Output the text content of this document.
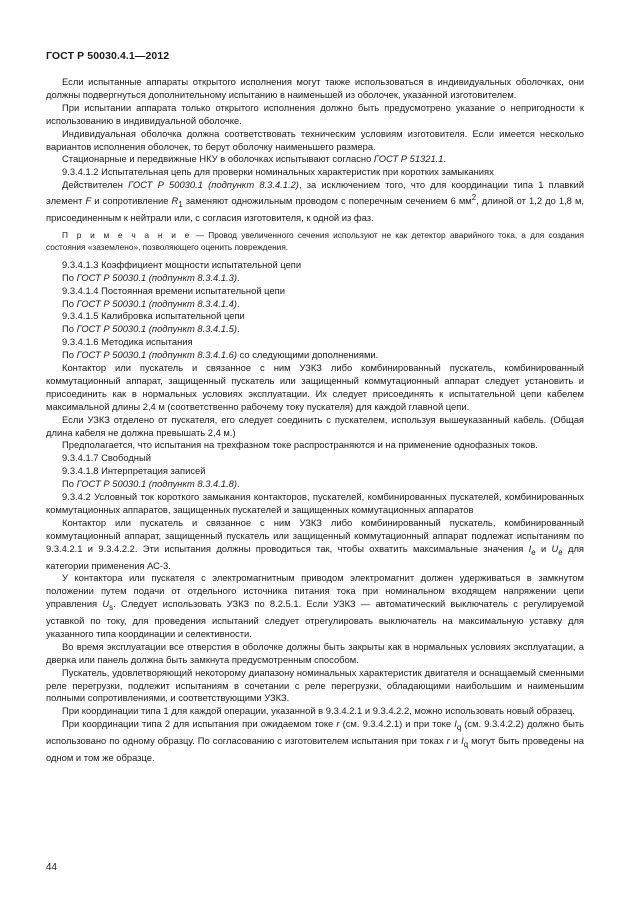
ГОСТ Р 50030.4.1—2012

Если испытанные аппараты открытого исполнения могут также использоваться в индивидуальных оболочках, они должны подвергнуться дополнительному испытанию в наименьшей из оболочек, указанной изготовителем.

При испытании аппарата только открытого исполнения должно быть предусмотрено указание о непригодности к использованию в индивидуальной оболочке.

Индивидуальная оболочка должна соответствовать техническим условиям изготовителя. Если имеется несколько вариантов исполнения оболочек, то берут оболочку наименьшего размера.

Стационарные и передвижные НКУ в оболочках испытывают согласно ГОСТ Р 51321.1.

9.3.4.1.2 Испытательная цепь для проверки номинальных характеристик при коротких замыканиях

Действителен ГОСТ Р 50030.1 (подпункт 8.3.4.1.2), за исключением того, что для координации типа 1 плавкий элемент F и сопротивление $R_1$ заменяют одножильным проводом с поперечным сечением 6 $мм^2$, длиной от 1,2 до 1,8 м, присоединенным к нейтрали или, с согласия изготовителя, к одной из фаз.

П р и м е ч а н и е — Провод увеличенного сечения используют не как детектор аварийного тока, а для создания состояния «заземлено», позволяющего оценить повреждения.

9.3.4.1.3 Коэффициент мощности испытательной цепи

По ГОСТ Р 50030.1 (подпункт 8.3.4.1.3).

9.3.4.1.4 Постоянная времени испытательной цепи

По ГОСТ Р 50030.1 (подпункт 8.3.4.1.4).

9.3.4.1.5 Калибровка испытательной цепи

По ГОСТ Р 50030.1 (подпункт 8.3.4.1.5).

9.3.4.1.6 Методика испытания

По ГОСТ Р 50030.1 (подпункт 8.3.4.1.6) со следующими дополнениями.

Контактор или пускатель и связанное с ним УЗКЗ либо комбинированный пускатель, комбинированный коммутационный аппарат, защищенный пускатель или защищенный коммутационный аппарат следует установить и присоединить как в нормальных условиях эксплуатации. Их следует присоединять к испытательной цепи кабелем максимальной длины 2,4 м (соответственно рабочему току пускателя) для каждой главной цепи.

Если УЗКЗ отделено от пускателя, его следует соединить с пускателем, используя вышеуказанный кабель. (Общая длина кабеля не должна превышать 2,4 м.)

Предполагается, что испытания на трехфазном токе распространяются и на применение однофазных токов.

9.3.4.1.7 Свободный

9.3.4.1.8 Интерпретация записей

По ГОСТ Р 50030.1 (подпункт 8.3.4.1.8).

9.3.4.2 Условный ток короткого замыкания контакторов, пускателей, комбинированных пускателей, комбинированных коммутационных аппаратов, защищенных пускателей и защищенных коммутационных аппаратов

Контактор или пускатель и связанное с ним УЗКЗ либо комбинированный пускатель, комбинированный коммутационный аппарат, защищенный пускатель или защищенный коммутационный аппарат подлежат испытаниям по 9.3.4.2.1 и 9.3.4.2.2. Эти испытания должны проводиться так, чтобы охватить максимальные значения $I_e$ и $U_e$ для категории применения АС-3.

У контактора или пускателя с электромагнитным приводом электромагнит должен удерживаться в замкнутом положении путем подачи от отдельного источника питания тока при номинальном входящем напряжении цепи управления $U_s$. Следует использовать УЗКЗ по 8.2.5.1. Если УЗКЗ — автоматический выключатель с регулируемой уставкой по току, для проведения испытаний следует отрегулировать выключатель на максимальную уставку для указанного типа координации и селективности.

Во время эксплуатации все отверстия в оболочке должны быть закрыты как в нормальных условиях эксплуатации, а дверка или панель должна быть замкнута предусмотренным способом.

Пускатель, удовлетворяющий некоторому диапазону номинальных характеристик двигателя и оснащаемый сменными реле перегрузки, подлежит испытаниям в сочетании с реле перегрузки, обладающими наибольшим и наименьшим полными сопротивлениями, и соответствующими УЗКЗ.

При координации типа 1 для каждой операции, указанной в 9.3.4.2.1 и 9.3.4.2.2, можно использовать новый образец.

При координации типа 2 для испытания при ожидаемом токе r (см. 9.3.4.2.1) и при токе $I_q$ (см. 9.3.4.2.2) должно быть использовано по одному образцу. По согласованию с изготовителем испытания при токах r и $I_q$ могут быть проведены на одном и том же образце.

44
